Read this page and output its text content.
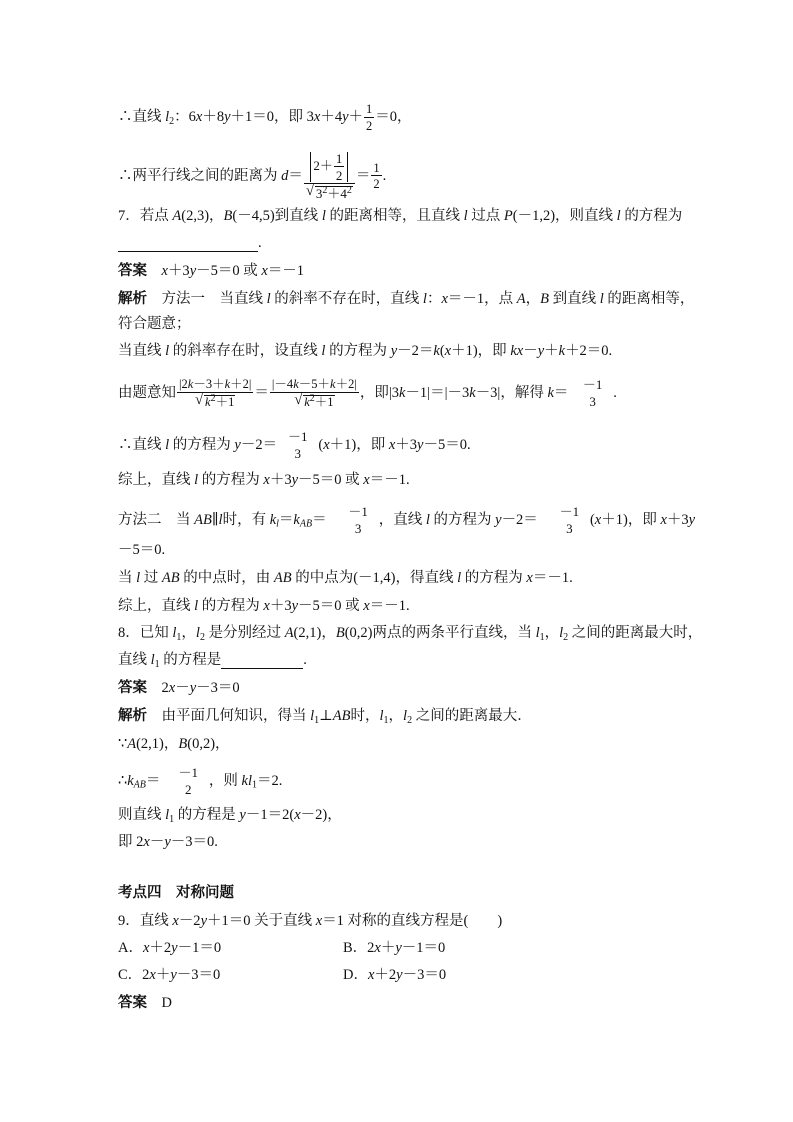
∴直线 $l_2$：6x＋8y＋1＝0，即 $3x+4y+ \frac{1}{2} =0$，
∴两平行线之间的距离为 $d= \frac{2+ \frac{1}{2}}{√ 3^2+4^2} = \frac{1}{2}$ .
7．若点 A(2,3)，B(－4,5)到直线 l 的距离相等，且直线 l 过点 P(－1,2)，则直线 l 的方程为
.
答案　 x＋3y－5＝0 或 x＝－1
解析　 方法一　当直线 l 的斜率不存在时，直线 l：x＝－1，点 A，B 到直线 l 的距离相等，
符合题意；
当直线 l 的斜率存在时，设直线 l 的方程为 y－2＝k(x＋1)，即 kx－y＋k＋2＝0.
由题意知 $\frac{|2k-3+k+2|}{√ k^2+1} = \frac{|-4k-5+k+2|}{√ k^2+1}$ ，即|3k－1|＝|－3k－3|，解得 k＝
－1
3
.
∴直线 l 的方程为 y－2＝
－1
3
(x＋1)，即 x＋3y－5＝0.
综上，直线 l 的方程为 x＋3y－5＝0 或 x＝－1.
方法二　当 AB∥l时，有 $k_l=k_{AB}=$
－1
3
，直线 l 的方程为 y－2＝
－1
3
(x＋1)，即 x＋3y
－5＝0.
当 l 过 AB 的中点时，由 AB 的中点为(－1,4)，得直线 l 的方程为 x＝－1.
综上，直线 l 的方程为 x＋3y－5＝0 或 x＝－1.
8．已知 $l_1$，$l_2$ 是分别经过 A(2,1)，B(0,2)两点的两条平行直线，当 $l_1$，$l_2$ 之间的距离最大时，
直线 $l_1$ 的方程是	.
答案　 2x－y－3＝0
解析　 由平面几何知识，得当 $l_1\perp AB$时，$l_1$，$l_2$ 之间的距离最大．
∵A(2,1)，B(0,2)，
$\therefore k_{AB}=$
－1
2
，则 $kl_1=2$.
则直线 $l_1$ 的方程是 y－1＝2(x－2)，
即 2x－y－3＝0.
考点四　对称问题
9．直线 x－2y＋1＝0 关于直线 x＝1 对称的直线方程是(　　)
A．x＋2y－1＝0	B．2x＋y－1＝0
C．2x＋y－3＝0	D．x＋2y－3＝0
答案　 D
